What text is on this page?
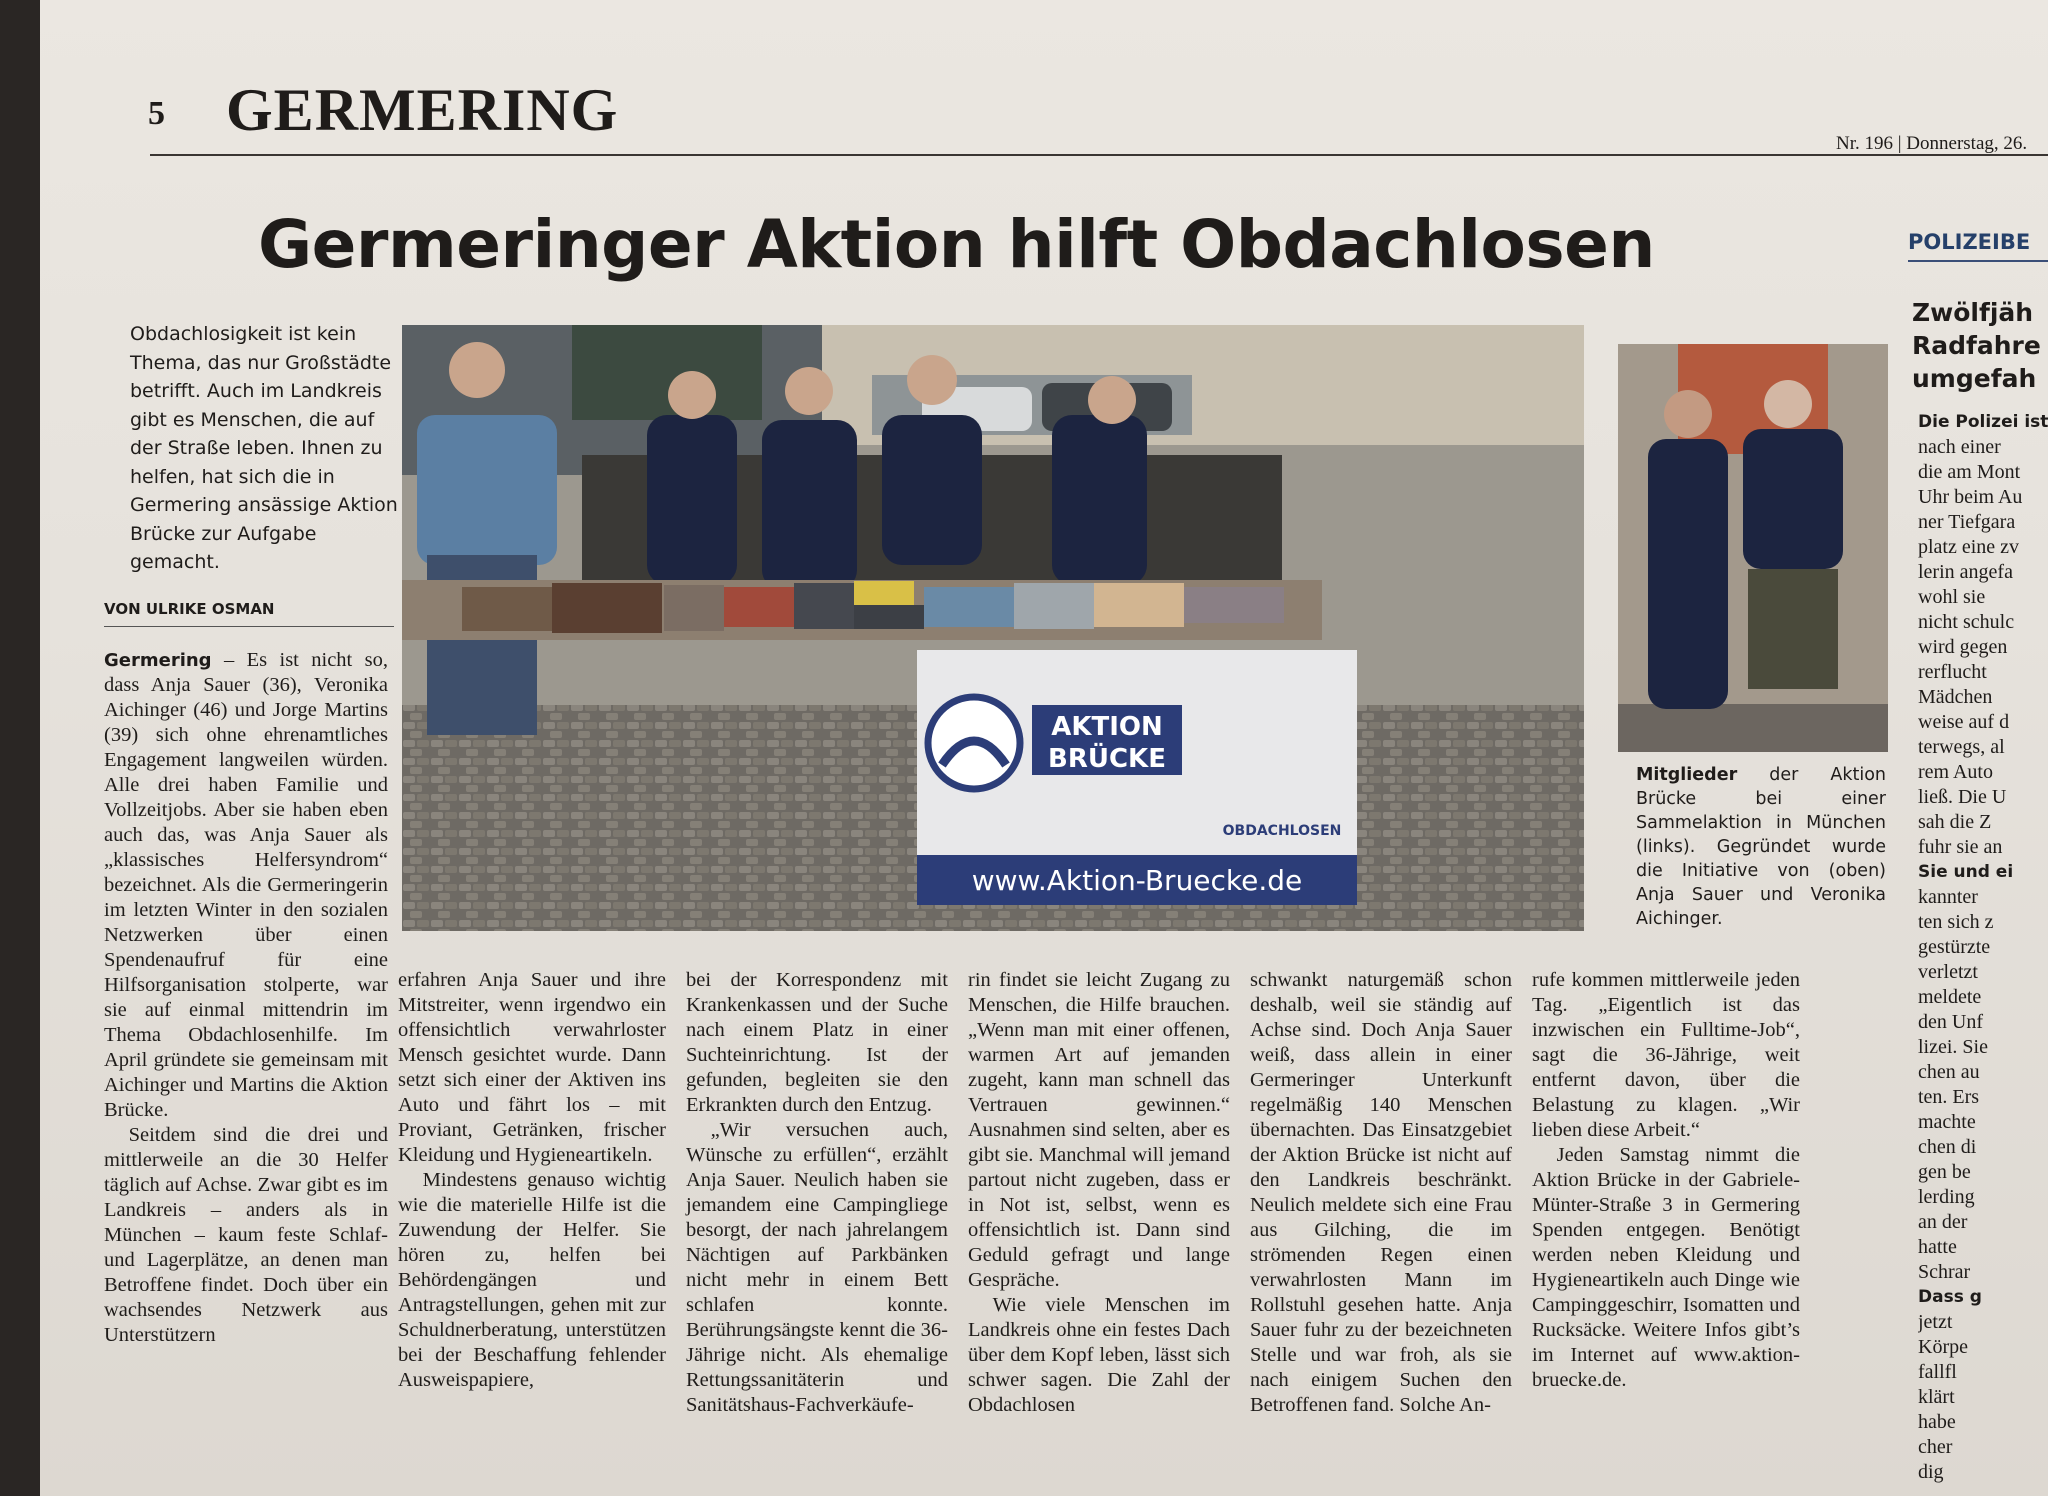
5 GERMERING
Nr. 196 | Donnerstag, 26.
Germeringer Aktion hilft Obdachlosen
Obdachlosigkeit ist kein Thema, das nur Großstädte betrifft. Auch im Landkreis gibt es Menschen, die auf der Straße leben. Ihnen zu helfen, hat sich die in Germering ansässige Aktion Brücke zur Aufgabe gemacht.
VON ULRIKE OSMAN
AKTION
BRÜCKE
OBDACHLOSEN
www.Aktion-Bruecke.de
Mitglieder der Aktion Brücke bei einer Sammelaktion in München (links). Gegründet wurde die Initiative von (oben) Anja Sauer und Veronika Aichinger.

Germering – Es ist nicht so, dass Anja Sauer (36), Veronika Aichinger (46) und Jorge Martins (39) sich ohne ehrenamtliches Engagement langweilen würden. Alle drei haben Familie und Vollzeitjobs. Aber sie haben eben auch das, was Anja Sauer als „klassisches Helfersyndrom“ bezeichnet. Als die Germeringerin im letzten Winter in den sozialen Netzwerken über einen Spendenaufruf für eine Hilfsorganisation stolperte, war sie auf einmal mittendrin im Thema Obdachlosenhilfe. Im April gründete sie gemeinsam mit Aichinger und Martins die Aktion Brücke.

Seitdem sind die drei und mittlerweile an die 30 Helfer täglich auf Achse. Zwar gibt es im Landkreis – anders als in München – kaum feste Schlaf- und Lagerplätze, an denen man Betroffene findet. Doch über ein wachsendes Netzwerk aus Unterstützern

erfahren Anja Sauer und ihre Mitstreiter, wenn irgendwo ein offensichtlich verwahrloster Mensch gesichtet wurde. Dann setzt sich einer der Aktiven ins Auto und fährt los – mit Proviant, Getränken, frischer Kleidung und Hygieneartikeln.

Mindestens genauso wichtig wie die materielle Hilfe ist die Zuwendung der Helfer. Sie hören zu, helfen bei Behördengängen und Antragstellungen, gehen mit zur Schuldnerberatung, unterstützen bei der Beschaffung fehlender Ausweispapiere,

bei der Korrespondenz mit Krankenkassen und der Suche nach einem Platz in einer Suchteinrichtung. Ist der gefunden, begleiten sie den Erkrankten durch den Entzug.

„Wir versuchen auch, Wünsche zu erfüllen“, erzählt Anja Sauer. Neulich haben sie jemandem eine Campingliege besorgt, der nach jahrelangem Nächtigen auf Parkbänken nicht mehr in einem Bett schlafen konnte. Berührungsängste kennt die 36-Jährige nicht. Als ehemalige Rettungssanitäterin und Sanitätshaus-Fachverkäufe-

rin findet sie leicht Zugang zu Menschen, die Hilfe brauchen. „Wenn man mit einer offenen, warmen Art auf jemanden zugeht, kann man schnell das Vertrauen gewinnen.“ Ausnahmen sind selten, aber es gibt sie. Manchmal will jemand partout nicht zugeben, dass er in Not ist, selbst, wenn es offensichtlich ist. Dann sind Geduld gefragt und lange Gespräche.

Wie viele Menschen im Landkreis ohne ein festes Dach über dem Kopf leben, lässt sich schwer sagen. Die Zahl der Obdachlosen

schwankt naturgemäß schon deshalb, weil sie ständig auf Achse sind. Doch Anja Sauer weiß, dass allein in einer Germeringer Unterkunft regelmäßig 140 Menschen übernachten. Das Einsatzgebiet der Aktion Brücke ist nicht auf den Landkreis beschränkt. Neulich meldete sich eine Frau aus Gilching, die im strömenden Regen einen verwahrlosten Mann im Rollstuhl gesehen hatte. Anja Sauer fuhr zu der bezeichneten Stelle und war froh, als sie nach einigem Suchen den Betroffenen fand. Solche An-

rufe kommen mittlerweile jeden Tag. „Eigentlich ist das inzwischen ein Fulltime-Job“, sagt die 36-Jährige, weit entfernt davon, über die Belastung zu klagen. „Wir lieben diese Arbeit.“

Jeden Samstag nimmt die Aktion Brücke in der Gabriele-Münter-Straße 3 in Germering Spenden entgegen. Benötigt werden neben Kleidung und Hygieneartikeln auch Dinge wie Campinggeschirr, Isomatten und Rucksäcke. Weitere Infos gibt’s im Internet auf www.aktion-bruecke.de.

POLIZEIBE
Zwölfjäh
Radfahre
umgefah
Die Polizei ist
nach einer
die am Mont
Uhr beim Au
ner Tiefgara
platz eine zv
lerin angefa
wohl sie
nicht schulc
wird gegen
rerflucht
Mädchen
weise auf d
terwegs, al
rem Auto
ließ. Die U
sah die Z
fuhr sie an
Sie und ei
kannter
ten sich z
gestürzte
verletzt
meldete
den Unf
lizei. Sie
chen au
ten. Ers
machte
chen di
gen be
lerding
an der
hatte
Schrar
Dass g
jetzt
Körpe
fallfl
klärt
habe
cher
dig
